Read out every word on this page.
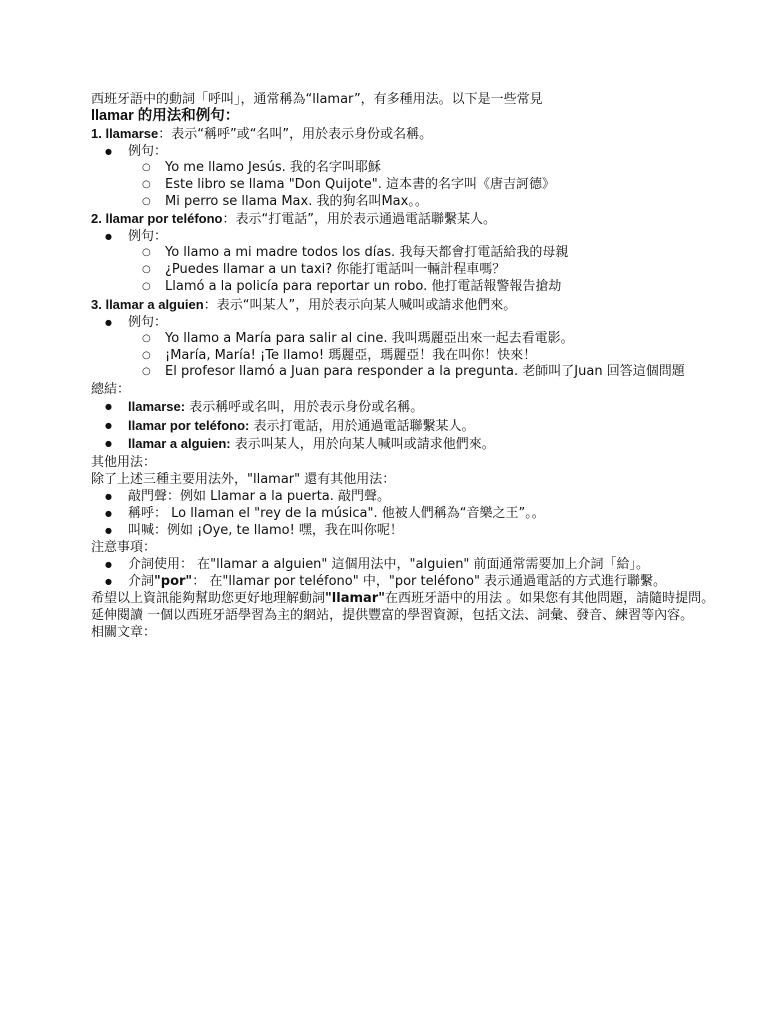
西班牙語中的動詞「呼叫」，通常稱為“llamar”，有多種用法。以下是一些常見
llamar 的用法和例句：
1. llamarse：表示“稱呼”或“名叫”，用於表示身份或名稱。
● 例句：
○ Yo me llamo Jesús. 我的名字叫耶穌
○ Este libro se llama "Don Quijote". 這本書的名字叫《唐吉訶德》
○ Mi perro se llama Max. 我的狗名叫Max。。
2. llamar por teléfono：表示“打電話”，用於表示通過電話聯繫某人。
● 例句：
○ Yo llamo a mi madre todos los días. 我每天都會打電話給我的母親
○ ¿Puedes llamar a un taxi? 你能打電話叫一輛計程車嗎？
○ Llamó a la policía para reportar un robo. 他打電話報警報告搶劫
3. llamar a alguien：表示“叫某人”，用於表示向某人喊叫或請求他們來。
● 例句：
○ Yo llamo a María para salir al cine. 我叫瑪麗亞出來一起去看電影。
○ ¡María, María! ¡Te llamo! 瑪麗亞，瑪麗亞！我在叫你！快來！
○ El profesor llamó a Juan para responder a la pregunta. 老師叫了Juan 回答這個問題
總結：
● llamarse: 表示稱呼或名叫，用於表示身份或名稱。
● llamar por teléfono: 表示打電話，用於通過電話聯繫某人。
● llamar a alguien: 表示叫某人，用於向某人喊叫或請求他們來。
其他用法：
除了上述三種主要用法外，"llamar" 還有其他用法：
● 敲門聲：例如 Llamar a la puerta. 敲門聲。
● 稱呼： Lo llaman el "rey de la música". 他被人們稱為“音樂之王”。。
● 叫喊：例如 ¡Oye, te llamo! 嘿，我在叫你呢！
注意事項：
● 介詞使用： 在"llamar a alguien" 這個用法中，"alguien" 前面通常需要加上介詞「給」。
● 介詞"por"： 在"llamar por teléfono" 中，"por teléfono" 表示通過電話的方式進行聯繫。
希望以上資訊能夠幫助您更好地理解動詞"llamar"在西班牙語中的用法 。如果您有其他問題，請隨時提問。
延伸閱讀 一個以西班牙語學習為主的網站，提供豐富的學習資源，包括文法、詞彙、發音、練習等內容。
相關文章：
